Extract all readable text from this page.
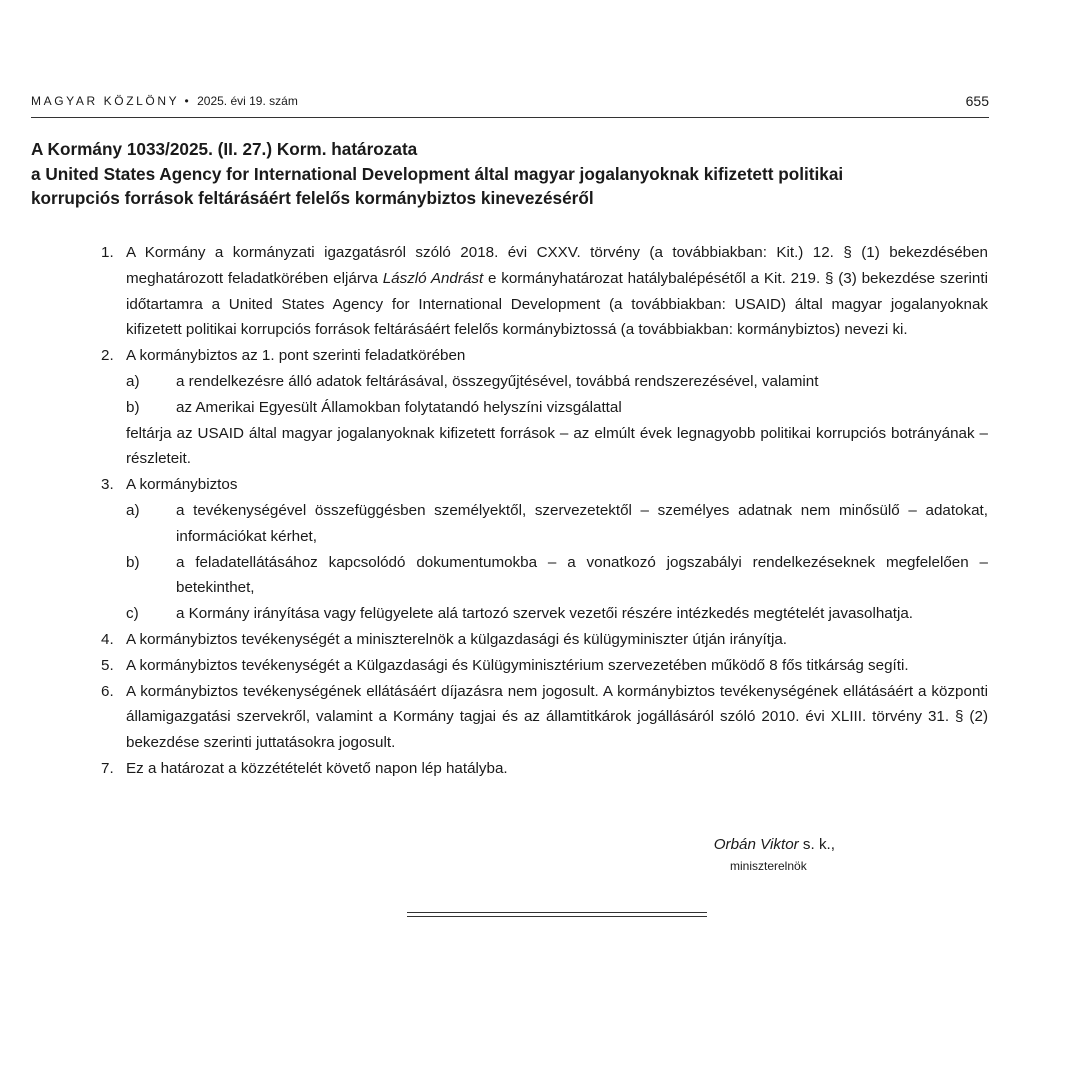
MAGYAR KÖZLÖNY • 2025. évi 19. szám	655
A Kormány 1033/2025. (II. 27.) Korm. határozata
a United States Agency for International Development által magyar jogalanyoknak kifizetett politikai
korrupciós források feltárásáért felelős kormánybiztos kinevezéséről
1. A Kormány a kormányzati igazgatásról szóló 2018. évi CXXV. törvény (a továbbiakban: Kit.) 12. § (1) bekezdésében meghatározott feladatkörében eljárva László Andrást e kormányhatározat hatálybalépésétől a Kit. 219. § (3) bekezdése szerinti időtartamra a United States Agency for International Development (a továbbiakban: USAID) által magyar jogalanyoknak kifizetett politikai korrupciós források feltárásáért felelős kormánybiztossá (a továbbiakban: kormánybiztos) nevezi ki.
2. A kormánybiztos az 1. pont szerinti feladatkörében
a) a rendelkezésre álló adatok feltárásával, összegyűjtésével, továbbá rendszerezésével, valamint
b) az Amerikai Egyesült Államokban folytatandó helyszíni vizsgálattal
feltárja az USAID által magyar jogalanyoknak kifizetett források – az elmúlt évek legnagyobb politikai korrupciós botrányának – részleteit.
3. A kormánybiztos
a) a tevékenységével összefüggésben személyektől, szervezetektől – személyes adatnak nem minősülő – adatokat, információkat kérhet,
b) a feladatellátásához kapcsolódó dokumentumokba – a vonatkozó jogszabályi rendelkezéseknek megfelelően – betekinthet,
c) a Kormány irányítása vagy felügyelete alá tartozó szervek vezetői részére intézkedés megtételét javasolhatja.
4. A kormánybiztos tevékenységét a miniszterelnök a külgazdasági és külügyminiszter útján irányítja.
5. A kormánybiztos tevékenységét a Külgazdasági és Külügyminisztérium szervezetében működő 8 fős titkárság segíti.
6. A kormánybiztos tevékenységének ellátásáért díjazásra nem jogosult. A kormánybiztos tevékenységének ellátásáért a központi államigazgatási szervekről, valamint a Kormány tagjai és az államtitkárok jogállásáról szóló 2010. évi XLIII. törvény 31. § (2) bekezdése szerinti juttatásokra jogosult.
7. Ez a határozat a közzétételét követő napon lép hatályba.
Orbán Viktor s. k.,
miniszterelnök
